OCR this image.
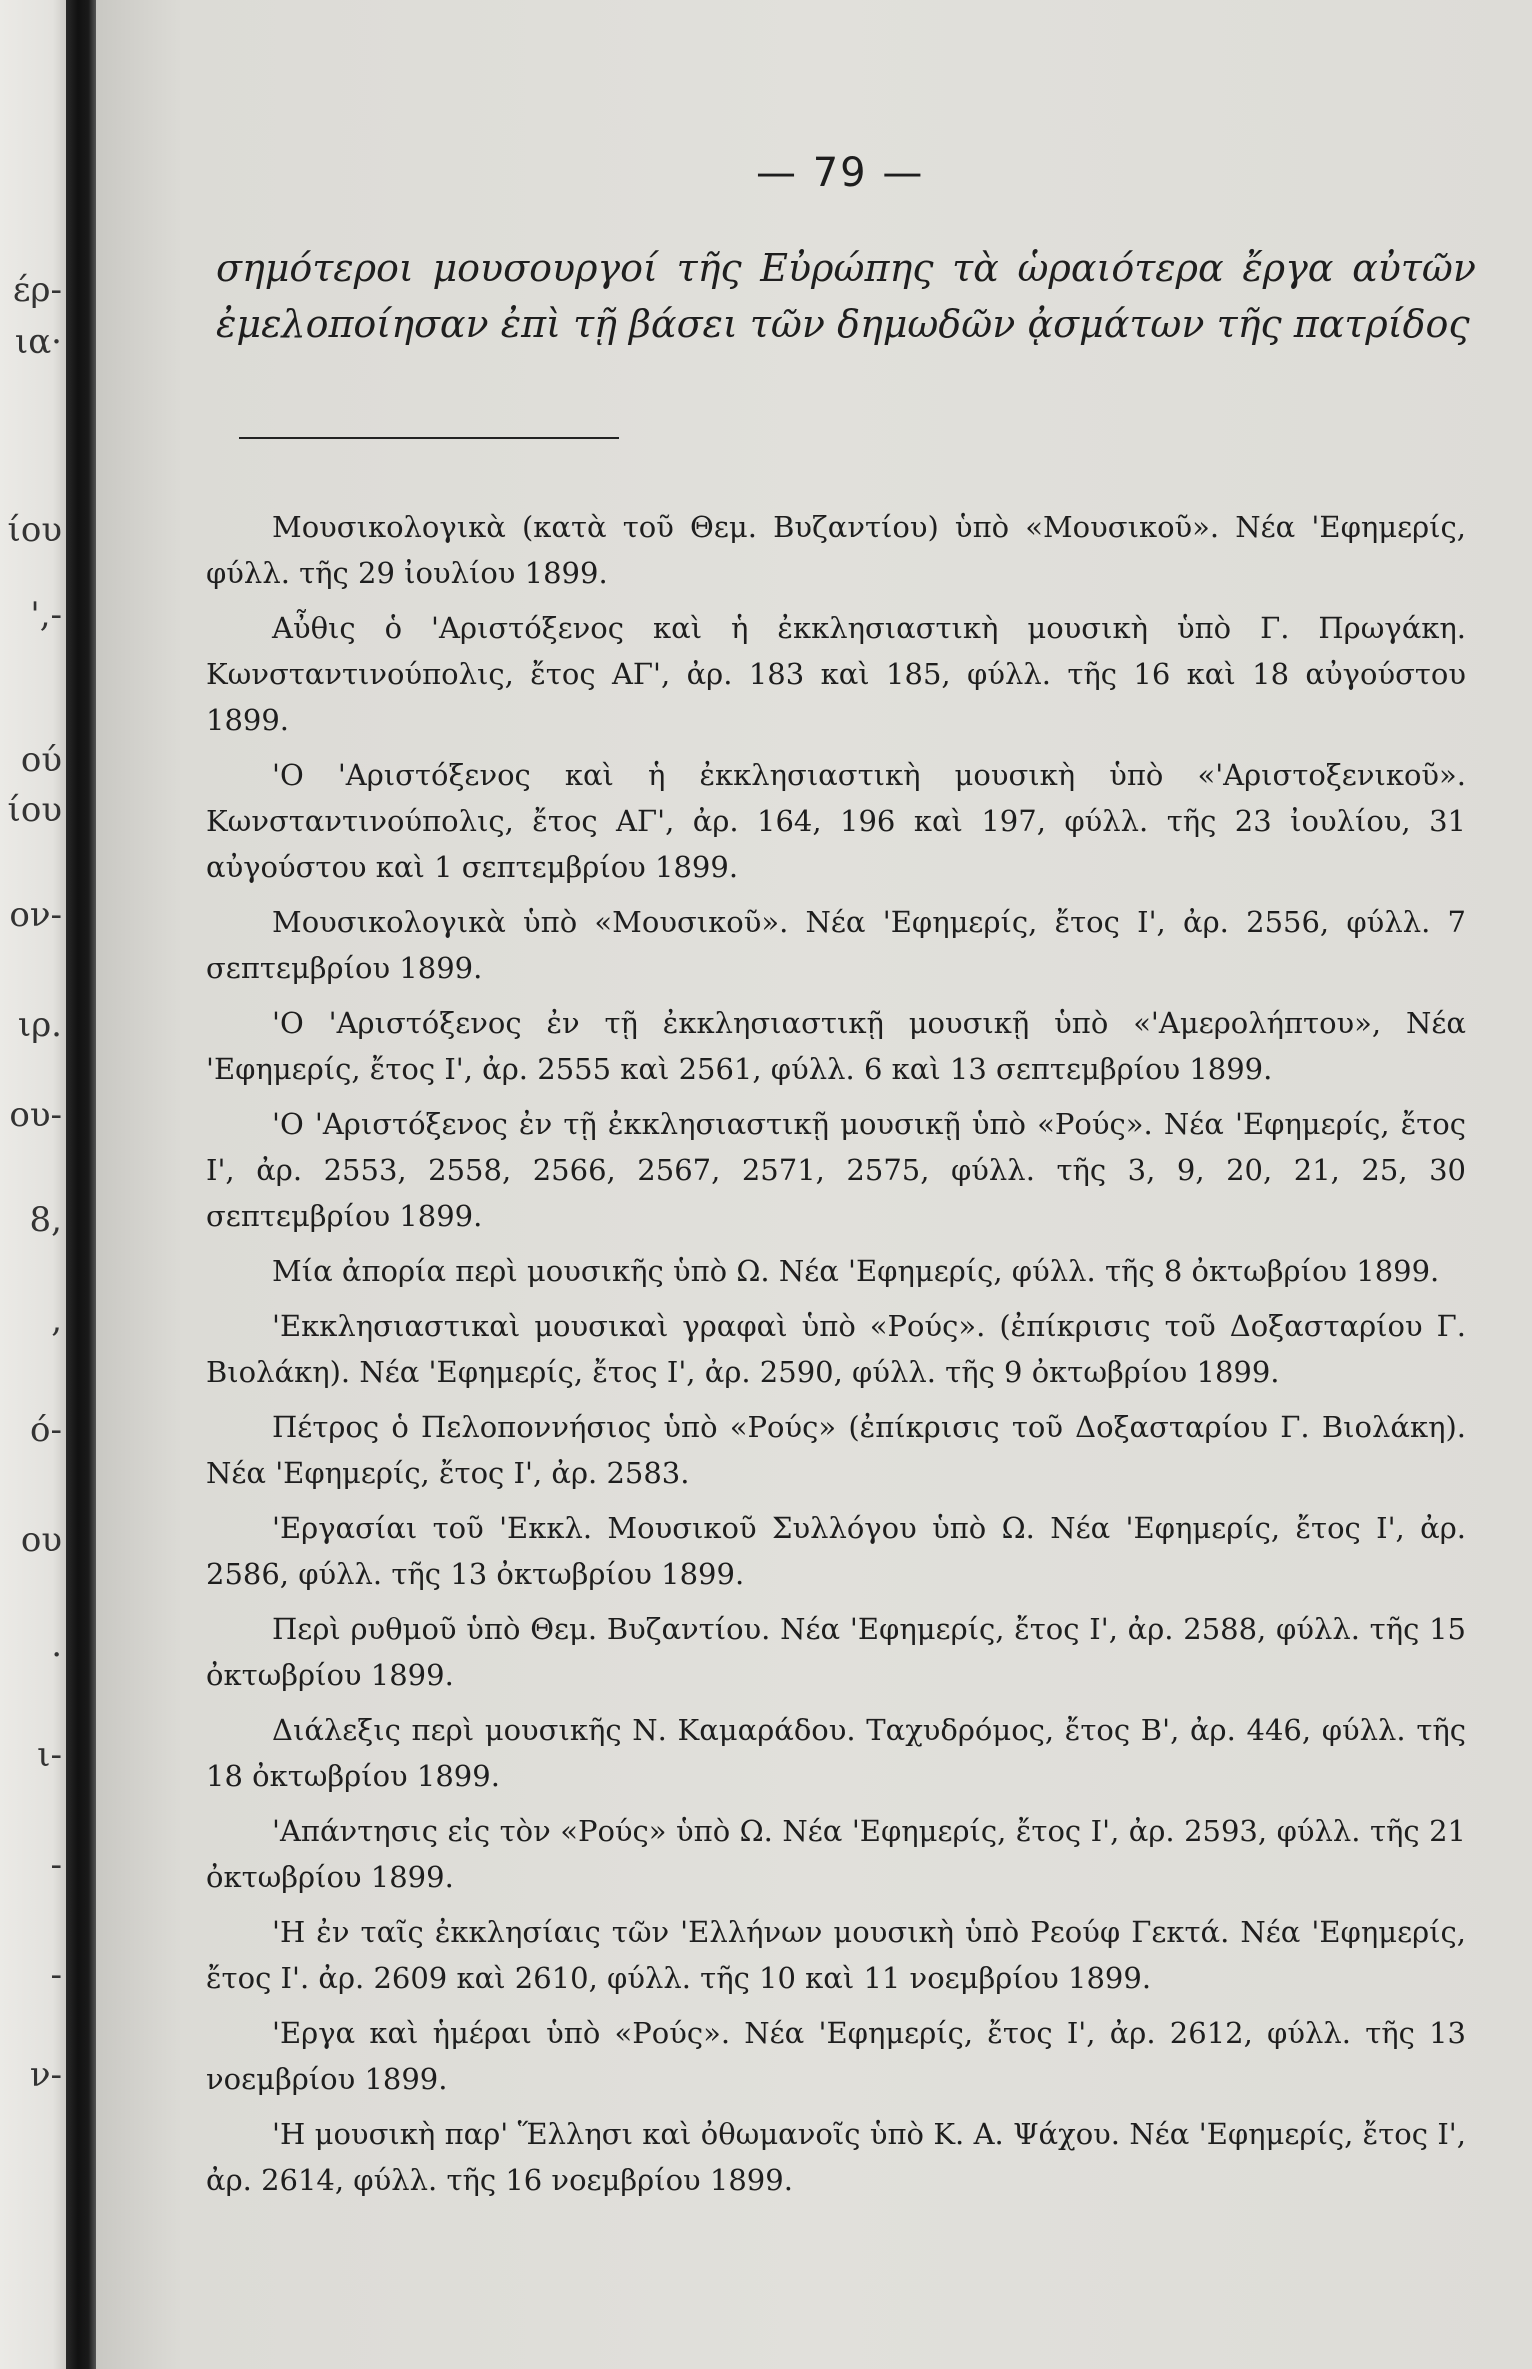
έρ-
ια·
ίου
',-
ού
ίου
ον-
ιρ.
ου-
8,
,
ό-
ου
.
ι-
-
-
ν-
— 79 —

σημότεροι μουσουργοί τῆς Εὐρώπης τὰ ὡραιότερα ἔργα αὐτῶν ἐμελοποίησαν ἐπὶ τῇ βάσει τῶν δημωδῶν ᾀσμάτων τῆς πατρίδος

Μουσικολογικὰ (κατὰ τοῦ Θεμ. Βυζαντίου) ὑπὸ «Μουσικοῦ». Νέα 'Εφημερίς, φύλλ. τῆς 29 ἰουλίου 1899.
Αὖθις ὁ 'Αριστόξενος καὶ ἡ ἐκκλησιαστικὴ μουσικὴ ὑπὸ Γ. Πρωγάκη. Κωνσταντινούπολις, ἔτος ΑΓ', ἀρ. 183 καὶ 185, φύλλ. τῆς 16 καὶ 18 αὐγούστου 1899.
'Ο 'Αριστόξενος καὶ ἡ ἐκκλησιαστικὴ μουσικὴ ὑπὸ «'Αριστοξενικοῦ». Κωνσταντινούπολις, ἔτος ΑΓ', ἀρ. 164, 196 καὶ 197, φύλλ. τῆς 23 ἰουλίου, 31 αὐγούστου καὶ 1 σεπτεμβρίου 1899.
Μουσικολογικὰ ὑπὸ «Μουσικοῦ». Νέα 'Εφημερίς, ἔτος Ι', ἀρ. 2556, φύλλ. 7 σεπτεμβρίου 1899.
'Ο 'Αριστόξενος ἐν τῇ ἐκκλησιαστικῇ μουσικῇ ὑπὸ «'Αμερολήπτου», Νέα 'Εφημερίς, ἔτος Ι', ἀρ. 2555 καὶ 2561, φύλλ. 6 καὶ 13 σεπτεμβρίου 1899.
'Ο 'Αριστόξενος ἐν τῇ ἐκκλησιαστικῇ μουσικῇ ὑπὸ «Ρούς». Νέα 'Εφημερίς, ἔτος Ι', ἀρ. 2553, 2558, 2566, 2567, 2571, 2575, φύλλ. τῆς 3, 9, 20, 21, 25, 30 σεπτεμβρίου 1899.
Μία ἀπορία περὶ μουσικῆς ὑπὸ Ω. Νέα 'Εφημερίς, φύλλ. τῆς 8 ὀκτωβρίου 1899.
'Εκκλησιαστικαὶ μουσικαὶ γραφαὶ ὑπὸ «Ρούς». (ἐπίκρισις τοῦ Δοξασταρίου Γ. Βιολάκη). Νέα 'Εφημερίς, ἔτος Ι', ἀρ. 2590, φύλλ. τῆς 9 ὀκτωβρίου 1899.
Πέτρος ὁ Πελοποννήσιος ὑπὸ «Ρούς» (ἐπίκρισις τοῦ Δοξασταρίου Γ. Βιολάκη). Νέα 'Εφημερίς, ἔτος Ι', ἀρ. 2583.
'Εργασίαι τοῦ 'Εκκλ. Μουσικοῦ Συλλόγου ὑπὸ Ω. Νέα 'Εφημερίς, ἔτος Ι', ἀρ. 2586, φύλλ. τῆς 13 ὀκτωβρίου 1899.
Περὶ ρυθμοῦ ὑπὸ Θεμ. Βυζαντίου. Νέα 'Εφημερίς, ἔτος Ι', ἀρ. 2588, φύλλ. τῆς 15 ὀκτωβρίου 1899.
Διάλεξις περὶ μουσικῆς Ν. Καμαράδου. Ταχυδρόμος, ἔτος Β', ἀρ. 446, φύλλ. τῆς 18 ὀκτωβρίου 1899.
'Απάντησις εἰς τὸν «Ρούς» ὑπὸ Ω. Νέα 'Εφημερίς, ἔτος Ι', ἀρ. 2593, φύλλ. τῆς 21 ὀκτωβρίου 1899.
'Η ἐν ταῖς ἐκκλησίαις τῶν 'Ελλήνων μουσικὴ ὑπὸ Ρεούφ Γεκτά. Νέα 'Εφημερίς, ἔτος Ι'. ἀρ. 2609 καὶ 2610, φύλλ. τῆς 10 καὶ 11 νοεμβρίου 1899.
'Εργα καὶ ἡμέραι ὑπὸ «Ρούς». Νέα 'Εφημερίς, ἔτος Ι', ἀρ. 2612, φύλλ. τῆς 13 νοεμβρίου 1899.
'Η μουσικὴ παρ' Ἕλλησι καὶ ὀθωμανοῖς ὑπὸ Κ. Α. Ψάχου. Νέα 'Εφημερίς, ἔτος Ι', ἀρ. 2614, φύλλ. τῆς 16 νοεμβρίου 1899.
